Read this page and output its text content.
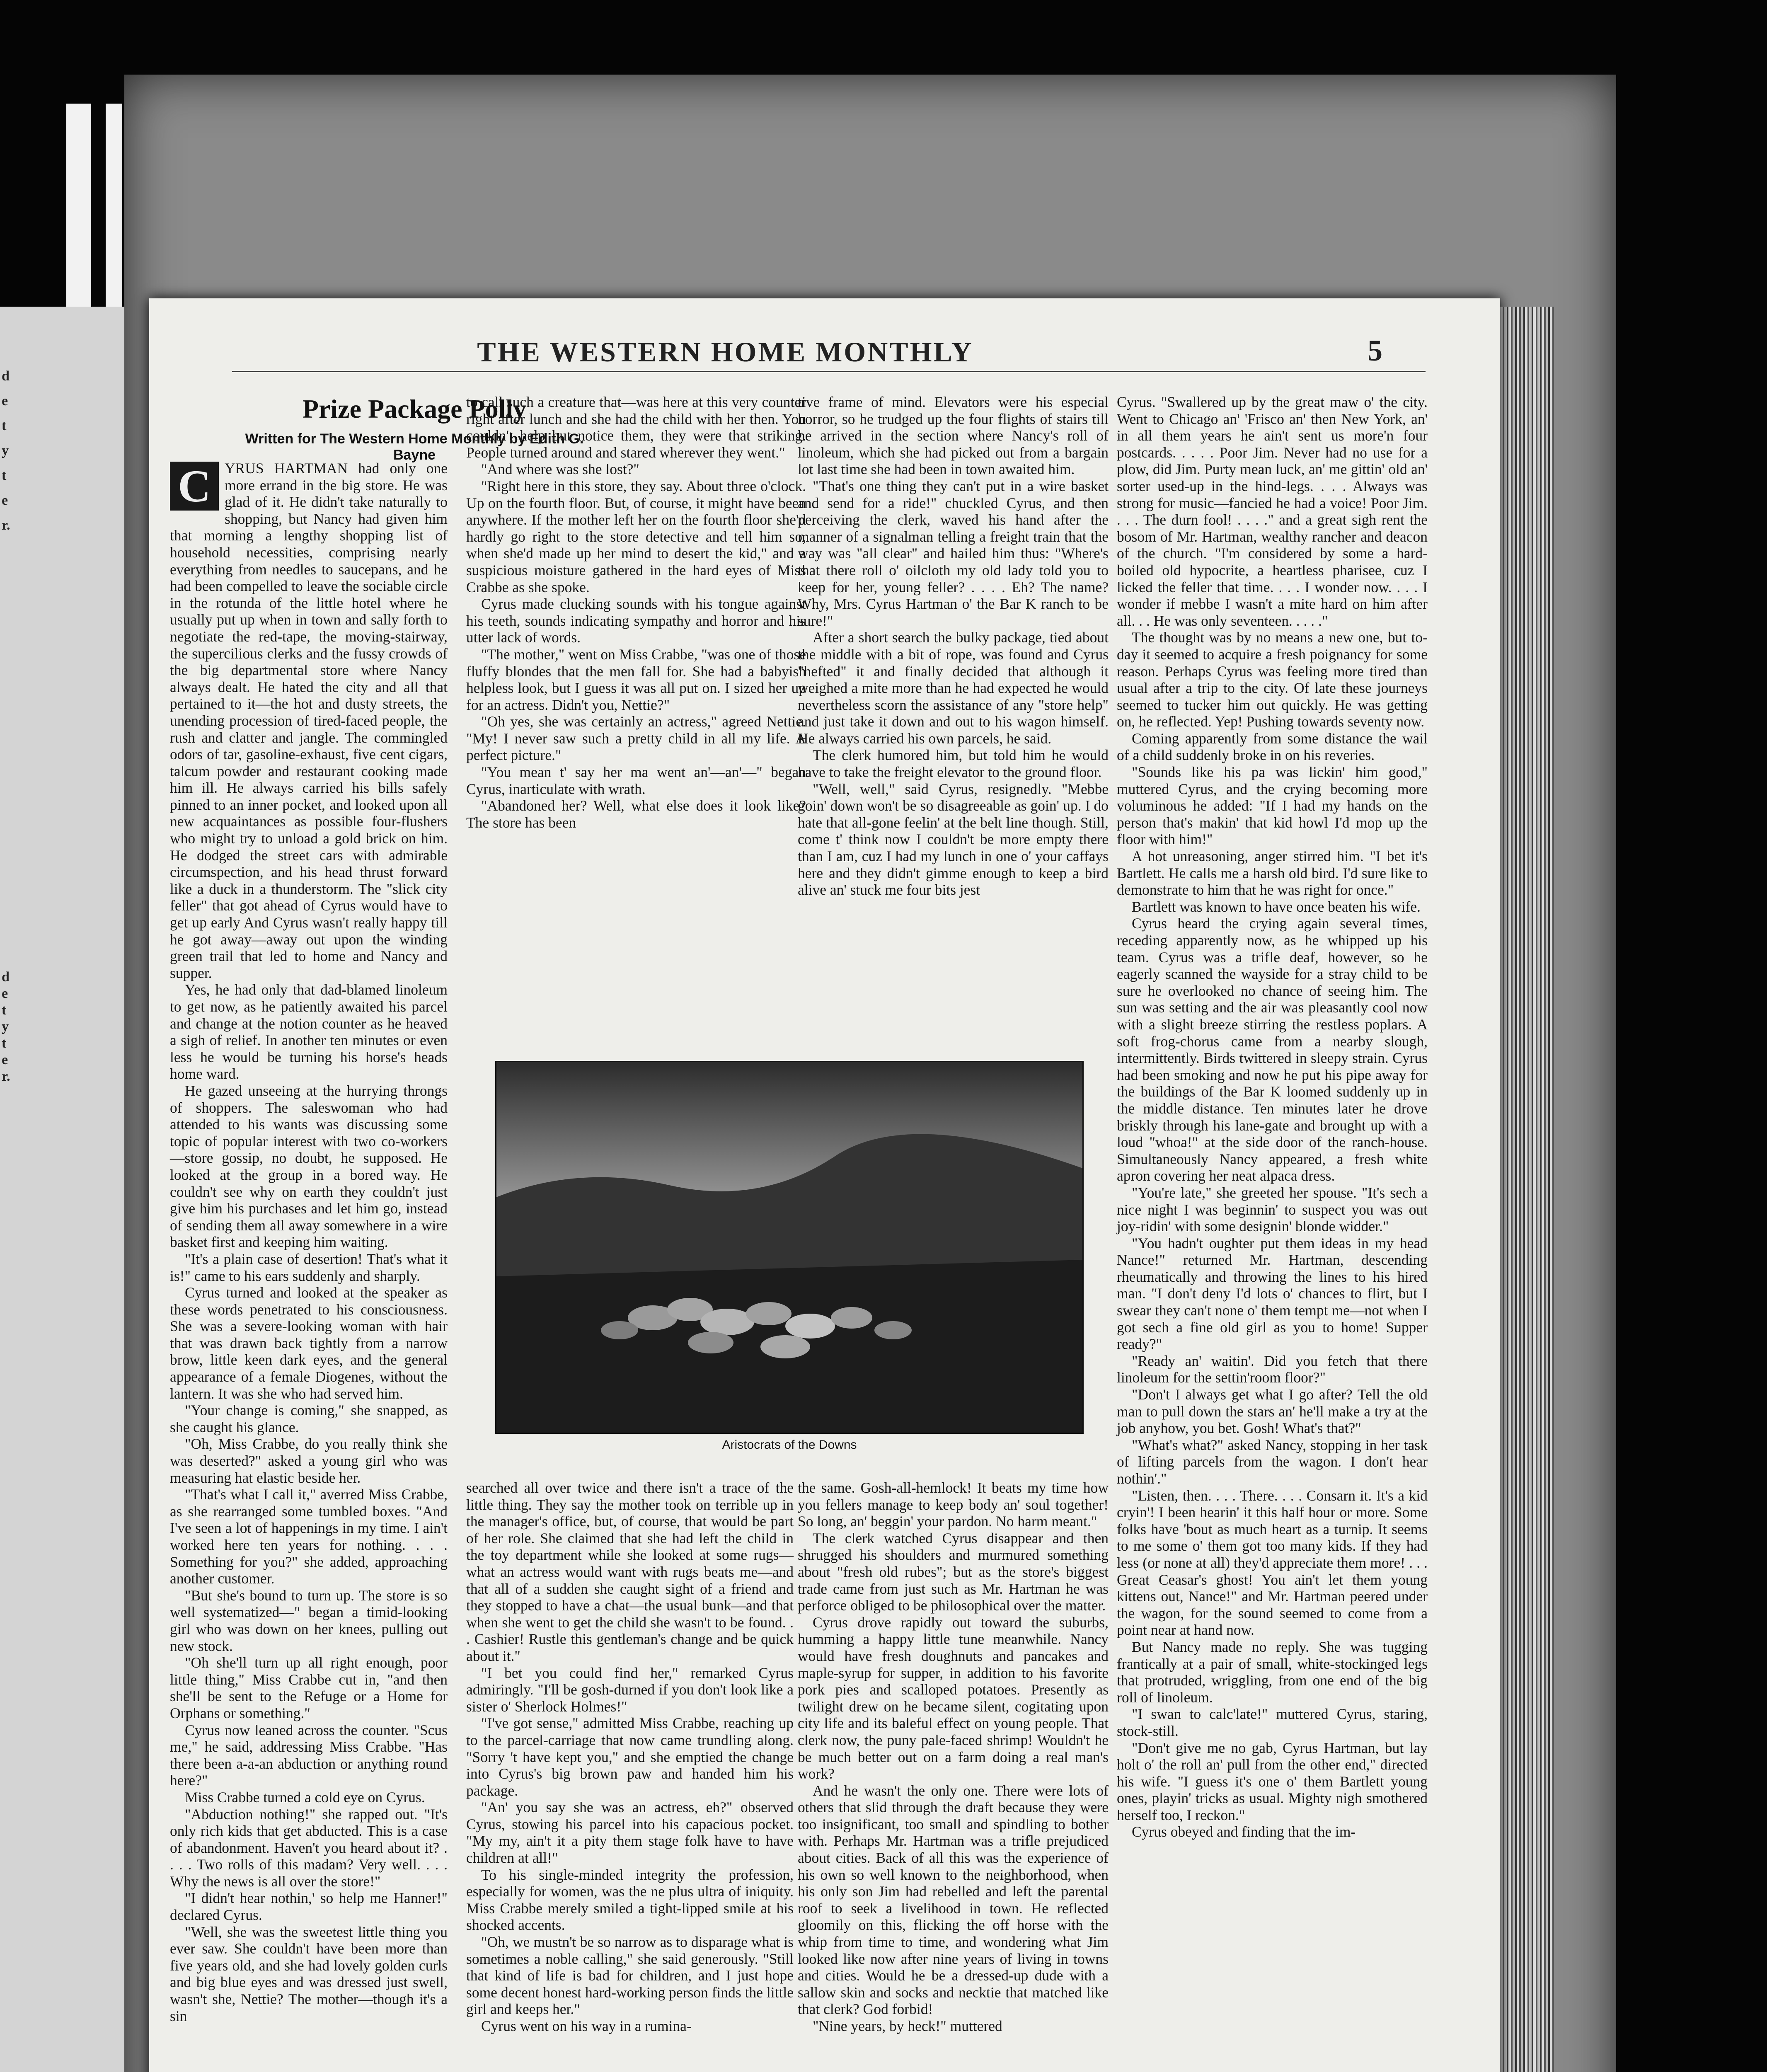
d
e
t
y
t
e
r.
d
e
t
y
t
e
r.
THE WESTERN HOME MONTHLY	5
Prize Package Polly
Written for The Western Home Monthly by Edith G. Bayne
C YRUS HARTMAN had only one more errand in the big store. He was glad of it. He didn't take naturally to shopping, but Nancy had given him that morning a lengthy shopping list of household necessities, comprising nearly everything from needles to saucepans, and he had been compelled to leave the sociable circle in the rotunda of the little hotel where he usually put up when in town and sally forth to negotiate the red-tape, the moving-stairway, the supercilious clerks and the fussy crowds of the big departmental store where Nancy always dealt. He hated the city and all that pertained to it—the hot and dusty streets, the unending procession of tired-faced people, the rush and clatter and jangle. The commingled odors of tar, gasoline-exhaust, five cent cigars, talcum powder and restaurant cooking made him ill. He always carried his bills safely pinned to an inner pocket, and looked upon all new acquaintances as possible four-flushers who might try to unload a gold brick on him. He dodged the street cars with admirable circumspection, and his head thrust forward like a duck in a thunderstorm. The "slick city feller" that got ahead of Cyrus would have to get up early And Cyrus wasn't really happy till he got away—away out upon the winding green trail that led to home and Nancy and supper.

Yes, he had only that dad-blamed linoleum to get now, as he patiently awaited his parcel and change at the notion counter as he heaved a sigh of relief. In another ten minutes or even less he would be turning his horse's heads home ward.

He gazed unseeing at the hurrying throngs of shoppers. The saleswoman who had attended to his wants was discussing some topic of popular interest with two co-workers—store gossip, no doubt, he supposed. He looked at the group in a bored way. He couldn't see why on earth they couldn't just give him his purchases and let him go, instead of sending them all away somewhere in a wire basket first and keeping him waiting.

"It's a plain case of desertion! That's what it is!" came to his ears suddenly and sharply.

Cyrus turned and looked at the speaker as these words penetrated to his consciousness. She was a severe-looking woman with hair that was drawn back tightly from a narrow brow, little keen dark eyes, and the general appearance of a female Diogenes, without the lantern. It was she who had served him.

"Your change is coming," she snapped, as she caught his glance.

"Oh, Miss Crabbe, do you really think she was deserted?" asked a young girl who was measuring hat elastic beside her.

"That's what I call it," averred Miss Crabbe, as she rearranged some tumbled boxes. "And I've seen a lot of happenings in my time. I ain't worked here ten years for nothing. . . . Something for you?" she added, approaching another customer.

"But she's bound to turn up. The store is so well systematized—" began a timid-looking girl who was down on her knees, pulling out new stock.

"Oh she'll turn up all right enough, poor little thing," Miss Crabbe cut in, "and then she'll be sent to the Refuge or a Home for Orphans or something."

Cyrus now leaned across the counter. "Scus me," he said, addressing Miss Crabbe. "Has there been a-a-an abduction or anything round here?"

Miss Crabbe turned a cold eye on Cyrus.

"Abduction nothing!" she rapped out. "It's only rich kids that get abducted. This is a case of abandonment. Haven't you heard about it? . . . . Two rolls of this madam? Very well. . . . Why the news is all over the store!"

"I didn't hear nothin,' so help me Hanner!" declared Cyrus.

"Well, she was the sweetest little thing you ever saw. She couldn't have been more than five years old, and she had lovely golden curls and big blue eyes and was dressed just swell, wasn't she, Nettie? The mother—though it's a sin

to call such a creature that—was here at this very counter right after lunch and she had the child with her then. You couldn't help but notice them, they were that striking. People turned around and stared wherever they went."

"And where was she lost?"

"Right here in this store, they say. About three o'clock. Up on the fourth floor. But, of course, it might have been anywhere. If the mother left her on the fourth floor she'd hardly go right to the store detective and tell him so, when she'd made up her mind to desert the kid," and a suspicious moisture gathered in the hard eyes of Miss Crabbe as she spoke.

Cyrus made clucking sounds with his tongue against his teeth, sounds indicating sympathy and horror and his utter lack of words.

"The mother," went on Miss Crabbe, "was one of those fluffy blondes that the men fall for. She had a babyish helpless look, but I guess it was all put on. I sized her up for an actress. Didn't you, Nettie?"

"Oh yes, she was certainly an actress," agreed Nettie. "My! I never saw such a pretty child in all my life. A perfect picture."

"You mean t' say her ma went an'—an'—" began Cyrus, inarticulate with wrath.

"Abandoned her? Well, what else does it look like? The store has been

tive frame of mind. Elevators were his especial horror, so he trudged up the four flights of stairs till he arrived in the section where Nancy's roll of linoleum, which she had picked out from a bargain lot last time she had been in town awaited him.

"That's one thing they can't put in a wire basket and send for a ride!" chuckled Cyrus, and then perceiving the clerk, waved his hand after the manner of a signalman telling a freight train that the way was "all clear" and hailed him thus: "Where's that there roll o' oilcloth my old lady told you to keep for her, young feller? . . . . Eh? The name? Why, Mrs. Cyrus Hartman o' the Bar K ranch to be sure!"

After a short search the bulky package, tied about the middle with a bit of rope, was found and Cyrus "hefted" it and finally decided that although it weighed a mite more than he had expected he would nevertheless scorn the assistance of any "store help" and just take it down and out to his wagon himself. He always carried his own parcels, he said.

The clerk humored him, but told him he would have to take the freight elevator to the ground floor.

"Well, well," said Cyrus, resignedly. "Mebbe goin' down won't be so disagreeable as goin' up. I do hate that all-gone feelin' at the belt line though. Still, come t' think now I couldn't be more empty there than I am, cuz I had my lunch in one o' your caffays here and they didn't gimme enough to keep a bird alive an' stuck me four bits jest

Cyrus. "Swallered up by the great maw o' the city. Went to Chicago an' 'Frisco an' then New York, an' in all them years he ain't sent us more'n four postcards. . . . . Poor Jim. Never had no use for a plow, did Jim. Purty mean luck, an' me gittin' old an' sorter used-up in the hind-legs. . . . Always was strong for music—fancied he had a voice! Poor Jim. . . . The durn fool! . . . ." and a great sigh rent the bosom of Mr. Hartman, wealthy rancher and deacon of the church. "I'm considered by some a hard-boiled old hypocrite, a heartless pharisee, cuz I licked the feller that time. . . . I wonder now. . . . I wonder if mebbe I wasn't a mite hard on him after all. . . He was only seventeen. . . . ."

The thought was by no means a new one, but to-day it seemed to acquire a fresh poignancy for some reason. Perhaps Cyrus was feeling more tired than usual after a trip to the city. Of late these journeys seemed to tucker him out quickly. He was getting on, he reflected. Yep! Pushing towards seventy now.

Coming apparently from some distance the wail of a child suddenly broke in on his reveries.

"Sounds like his pa was lickin' him good," muttered Cyrus, and the crying becoming more voluminous he added: "If I had my hands on the person that's makin' that kid howl I'd mop up the floor with him!"

A hot unreasoning, anger stirred him. "I bet it's Bartlett. He calls me a harsh old bird. I'd sure like to demonstrate to him that he was right for once."

Bartlett was known to have once beaten his wife.

Cyrus heard the crying again several times, receding apparently now, as he whipped up his team. Cyrus was a trifle deaf, however, so he eagerly scanned the wayside for a stray child to be sure he overlooked no chance of seeing him. The sun was setting and the air was pleasantly cool now with a slight breeze stirring the restless poplars. A soft frog-chorus came from a nearby slough, intermittently. Birds twittered in sleepy strain. Cyrus had been smoking and now he put his pipe away for the buildings of the Bar K loomed suddenly up in the middle distance. Ten minutes later he drove briskly through his lane-gate and brought up with a loud "whoa!" at the side door of the ranch-house. Simultaneously Nancy appeared, a fresh white apron covering her neat alpaca dress.

"You're late," she greeted her spouse. "It's sech a nice night I was beginnin' to suspect you was out joy-ridin' with some designin' blonde widder."

"You hadn't oughter put them ideas in my head Nance!" returned Mr. Hartman, descending rheumatically and throwing the lines to his hired man. "I don't deny I'd lots o' chances to flirt, but I swear they can't none o' them tempt me—not when I got sech a fine old girl as you to home! Supper ready?"

"Ready an' waitin'. Did you fetch that there linoleum for the settin'room floor?"

"Don't I always get what I go after? Tell the old man to pull down the stars an' he'll make a try at the job anyhow, you bet. Gosh! What's that?"

"What's what?" asked Nancy, stopping in her task of lifting parcels from the wagon. I don't hear nothin'."

"Listen, then. . . . There. . . . Consarn it. It's a kid cryin'! I been hearin' it this half hour or more. Some folks have 'bout as much heart as a turnip. It seems to me some o' them got too many kids. If they had less (or none at all) they'd appreciate them more! . . . Great Ceasar's ghost! You ain't let them young kittens out, Nance!" and Mr. Hartman peered under the wagon, for the sound seemed to come from a point near at hand now.

But Nancy made no reply. She was tugging frantically at a pair of small, white-stockinged legs that protruded, wriggling, from one end of the big roll of linoleum.

"I swan to calc'late!" muttered Cyrus, staring, stock-still.

"Don't give me no gab, Cyrus Hartman, but lay holt o' the roll an' pull from the other end," directed his wife. "I guess it's one o' them Bartlett young ones, playin' tricks as usual. Mighty nigh smothered herself too, I reckon."

Cyrus obeyed and finding that the im-

searched all over twice and there isn't a trace of the little thing. They say the mother took on terrible up in the manager's office, but, of course, that would be part of her role. She claimed that she had left the child in the toy department while she looked at some rugs—what an actress would want with rugs beats me—and that all of a sudden she caught sight of a friend and they stopped to have a chat—the usual bunk—and that when she went to get the child she wasn't to be found. . . Cashier! Rustle this gentleman's change and be quick about it."

"I bet you could find her," remarked Cyrus admiringly. "I'll be gosh-durned if you don't look like a sister o' Sherlock Holmes!"

"I've got sense," admitted Miss Crabbe, reaching up to the parcel-carriage that now came trundling along. "Sorry 't have kept you," and she emptied the change into Cyrus's big brown paw and handed him his package.

"An' you say she was an actress, eh?" observed Cyrus, stowing his parcel into his capacious pocket. "My my, ain't it a pity them stage folk have to have children at all!"

To his single-minded integrity the profession, especially for women, was the ne plus ultra of iniquity. Miss Crabbe merely smiled a tight-lipped smile at his shocked accents.

"Oh, we mustn't be so narrow as to disparage what is sometimes a noble calling," she said generously. "Still that kind of life is bad for children, and I just hope some decent honest hard-working person finds the little girl and keeps her."

Cyrus went on his way in a rumina-

the same. Gosh-all-hemlock! It beats my time how you fellers manage to keep body an' soul together! So long, an' beggin' your pardon. No harm meant."

The clerk watched Cyrus disappear and then shrugged his shoulders and murmured something about "fresh old rubes"; but as the store's biggest trade came from just such as Mr. Hartman he was perforce obliged to be philosophical over the matter.

Cyrus drove rapidly out toward the suburbs, humming a happy little tune meanwhile. Nancy would have fresh doughnuts and pancakes and maple-syrup for supper, in addition to his favorite pork pies and scalloped potatoes. Presently as twilight drew on he became silent, cogitating upon city life and its baleful effect on young people. That clerk now, the puny pale-faced shrimp! Wouldn't he be much better out on a farm doing a real man's work?

And he wasn't the only one. There were lots of others that slid through the draft because they were too insignificant, too small and spindling to bother with. Perhaps Mr. Hartman was a trifle prejudiced about cities. Back of all this was the experience of his own so well known to the neighborhood, when his only son Jim had rebelled and left the parental roof to seek a livelihood in town. He reflected gloomily on this, flicking the off horse with the whip from time to time, and wondering what Jim looked like now after nine years of living in towns and cities. Would he be a dressed-up dude with a sallow skin and socks and necktie that matched like that clerk? God forbid!

"Nine years, by heck!" muttered

Aristocrats of the Downs
